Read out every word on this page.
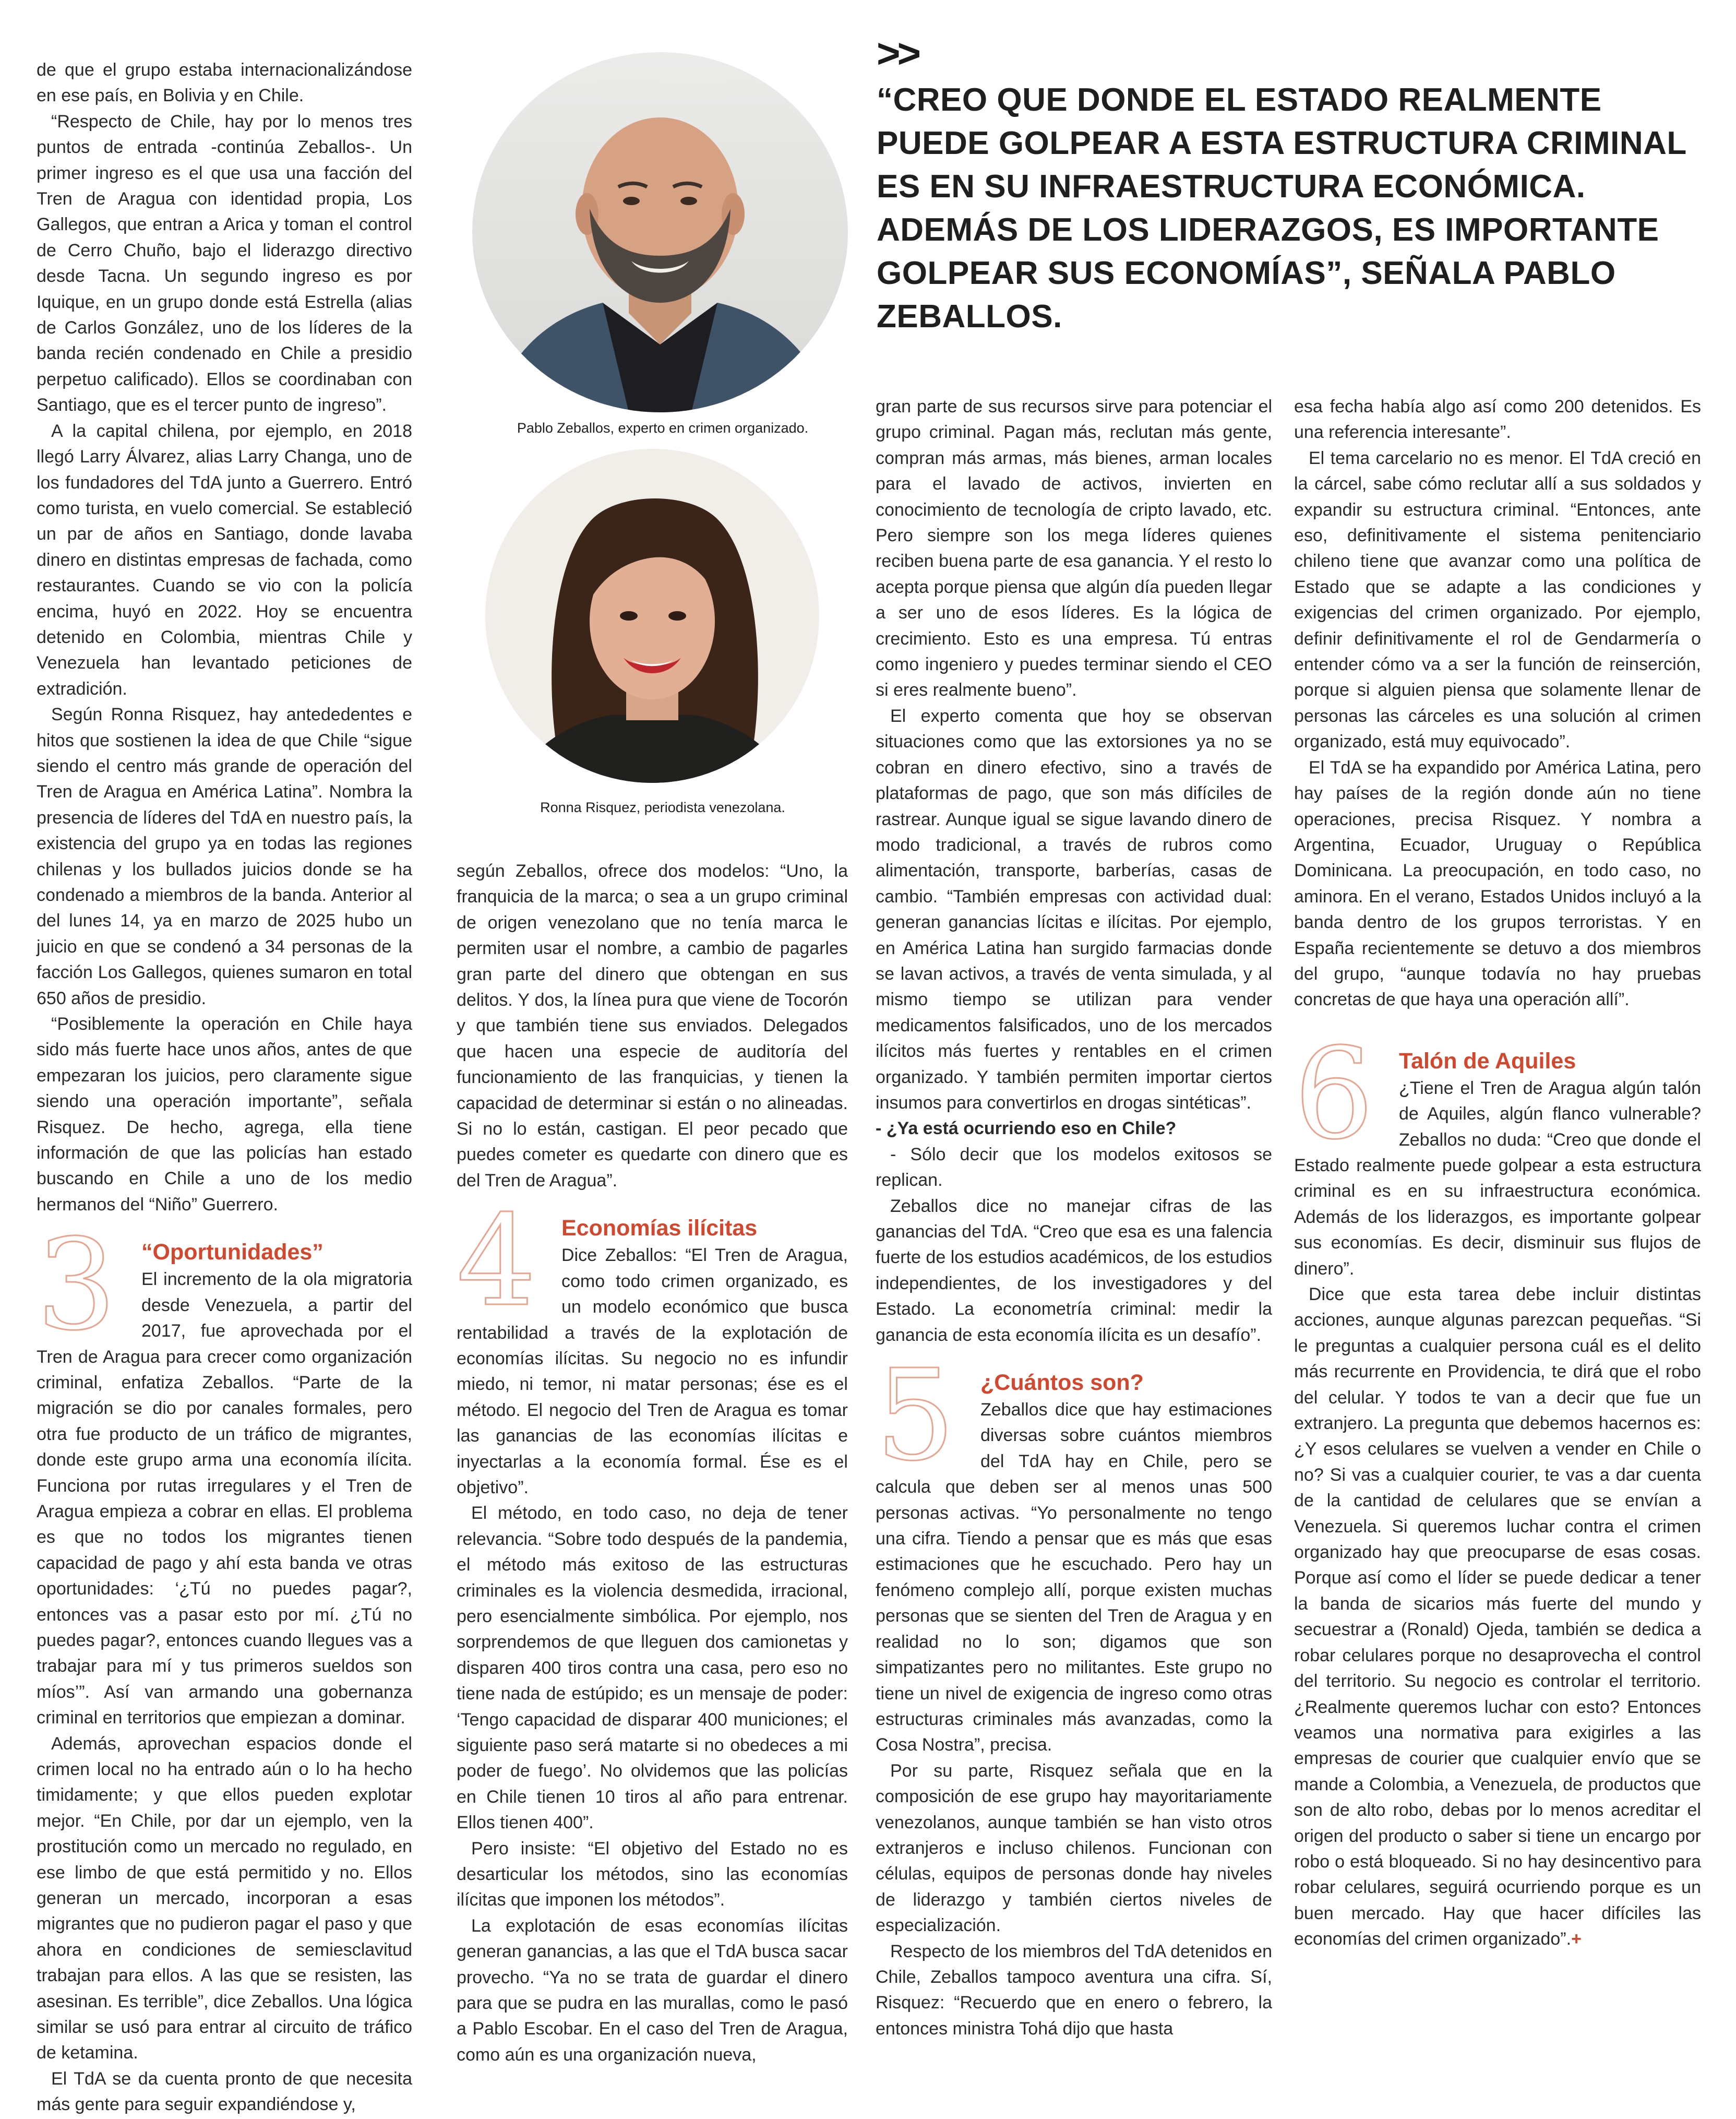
>>
“CREO QUE DONDE EL ESTADO REALMENTE PUEDE GOLPEAR A ESTA ESTRUCTURA CRIMINAL ES EN SU INFRAESTRUCTURA ECONÓMICA. ADEMÁS DE LOS LIDERAZGOS, ES IMPORTANTE GOLPEAR SUS ECONOMÍAS”, SEÑALA PABLO ZEBALLOS.
Pablo Zeballos, experto en crimen organizado.
Ronna Risquez, periodista venezolana.

de que el grupo estaba internacionalizándose en ese país, en Bolivia y en Chile.

“Respecto de Chile, hay por lo menos tres puntos de entrada -continúa Zeballos-. Un primer ingreso es el que usa una facción del Tren de Aragua con identidad propia, Los Gallegos, que entran a Arica y toman el control de Cerro Chuño, bajo el liderazgo directivo desde Tacna. Un segundo ingreso es por Iquique, en un grupo donde está Estrella (alias de Carlos González, uno de los líderes de la banda recién condenado en Chile a presidio perpetuo calificado). Ellos se coordinaban con Santiago, que es el tercer punto de ingreso”.

A la capital chilena, por ejemplo, en 2018 llegó Larry Álvarez, alias Larry Changa, uno de los fundadores del TdA junto a Guerrero. Entró como turista, en vuelo comercial. Se estableció un par de años en Santiago, donde lavaba dinero en distintas empresas de fachada, como restaurantes. Cuando se vio con la policía encima, huyó en 2022. Hoy se encuentra detenido en Colombia, mientras Chile y Venezuela han levantado peticiones de extradición.

Según Ronna Risquez, hay antededentes e hitos que sostienen la idea de que Chile “sigue siendo el centro más grande de operación del Tren de Aragua en América Latina”. Nombra la presencia de líderes del TdA en nuestro país, la existencia del grupo ya en todas las regiones chilenas y los bullados juicios donde se ha condenado a miembros de la banda. Anterior al del lunes 14, ya en marzo de 2025 hubo un juicio en que se condenó a 34 personas de la facción Los Gallegos, quienes sumaron en total 650 años de presidio.

“Posiblemente la operación en Chile haya sido más fuerte hace unos años, antes de que empezaran los juicios, pero claramente sigue siendo una operación importante”, señala Risquez. De hecho, agrega, ella tiene información de que las policías han estado buscando en Chile a uno de los medio hermanos del “Niño” Guerrero.

3	“Oportunidades”

El incremento de la ola migratoria desde Venezuela, a partir del 2017, fue aprovechada por el Tren de Aragua para crecer como organización criminal, enfatiza Zeballos. “Parte de la migración se dio por canales formales, pero otra fue producto de un tráfico de migrantes, donde este grupo arma una economía ilícita. Funciona por rutas irregulares y el Tren de Aragua empieza a cobrar en ellas. El problema es que no todos los migrantes tienen capacidad de pago y ahí esta banda ve otras oportunidades: ‘¿Tú no puedes pagar?, entonces vas a pasar esto por mí. ¿Tú no puedes pagar?, entonces cuando llegues vas a trabajar para mí y tus primeros sueldos son míos’”. Así van armando una gobernanza criminal en territorios que empiezan a dominar.

Además, aprovechan espacios donde el crimen local no ha entrado aún o lo ha hecho timidamente; y que ellos pueden explotar mejor. “En Chile, por dar un ejemplo, ven la prostitución como un mercado no regulado, en ese limbo de que está permitido y no. Ellos generan un mercado, incorporan a esas migrantes que no pudieron pagar el paso y que ahora en condiciones de semiesclavitud trabajan para ellos. A las que se resisten, las asesinan. Es terrible”, dice Zeballos. Una lógica similar se usó para entrar al circuito de tráfico de ketamina.

El TdA se da cuenta pronto de que necesita más gente para seguir expandiéndose y,

según Zeballos, ofrece dos modelos: “Uno, la franquicia de la marca; o sea a un grupo criminal de origen venezolano que no tenía marca le permiten usar el nombre, a cambio de pagarles gran parte del dinero que obtengan en sus delitos. Y dos, la línea pura que viene de Tocorón y que también tiene sus enviados. Delegados que hacen una especie de auditoría del funcionamiento de las franquicias, y tienen la capacidad de determinar si están o no alineadas. Si no lo están, castigan. El peor pecado que puedes cometer es quedarte con dinero que es del Tren de Aragua”.

4	Economías ilícitas

Dice Zeballos: “El Tren de Aragua, como todo crimen organizado, es un modelo económico que busca rentabilidad a través de la explotación de economías ilícitas. Su negocio no es infundir miedo, ni temor, ni matar personas; ése es el método. El negocio del Tren de Aragua es tomar las ganancias de las economías ilícitas e inyectarlas a la economía formal. Ése es el objetivo”.

El método, en todo caso, no deja de tener relevancia. “Sobre todo después de la pandemia, el método más exitoso de las estructuras criminales es la violencia desmedida, irracional, pero esencialmente simbólica. Por ejemplo, nos sorprendemos de que lleguen dos camionetas y disparen 400 tiros contra una casa, pero eso no tiene nada de estúpido; es un mensaje de poder: ‘Tengo capacidad de disparar 400 municiones; el siguiente paso será matarte si no obedeces a mi poder de fuego’. No olvidemos que las policías en Chile tienen 10 tiros al año para entrenar. Ellos tienen 400”.

Pero insiste: “El objetivo del Estado no es desarticular los métodos, sino las economías ilícitas que imponen los métodos”.

La explotación de esas economías ilícitas generan ganancias, a las que el TdA busca sacar provecho. “Ya no se trata de guardar el dinero para que se pudra en las murallas, como le pasó a Pablo Escobar. En el caso del Tren de Aragua, como aún es una organización nueva,

gran parte de sus recursos sirve para potenciar el grupo criminal. Pagan más, reclutan más gente, compran más armas, más bienes, arman locales para el lavado de activos, invierten en conocimiento de tecnología de cripto lavado, etc. Pero siempre son los mega líderes quienes reciben buena parte de esa ganancia. Y el resto lo acepta porque piensa que algún día pueden llegar a ser uno de esos líderes. Es la lógica de crecimiento. Esto es una empresa. Tú entras como ingeniero y puedes terminar siendo el CEO si eres realmente bueno”.

El experto comenta que hoy se observan situaciones como que las extorsiones ya no se cobran en dinero efectivo, sino a través de plataformas de pago, que son más difíciles de rastrear. Aunque igual se sigue lavando dinero de modo tradicional, a través de rubros como alimentación, transporte, barberías, casas de cambio. “También empresas con actividad dual: generan ganancias lícitas e ilícitas. Por ejemplo, en América Latina han surgido farmacias donde se lavan activos, a través de venta simulada, y al mismo tiempo se utilizan para vender medicamentos falsificados, uno de los mercados ilícitos más fuertes y rentables en el crimen organizado. Y también permiten importar ciertos insumos para convertirlos en drogas sintéticas”.

- ¿Ya está ocurriendo eso en Chile?

- Sólo decir que los modelos exitosos se replican.

Zeballos dice no manejar cifras de las ganancias del TdA. “Creo que esa es una falencia fuerte de los estudios académicos, de los estudios independientes, de los investigadores y del Estado. La econometría criminal: medir la ganancia de esta economía ilícita es un desafío”.

5	¿Cuántos son?

Zeballos dice que hay estimaciones diversas sobre cuántos miembros del TdA hay en Chile, pero se calcula que deben ser al menos unas 500 personas activas. “Yo personalmente no tengo una cifra. Tiendo a pensar que es más que esas estimaciones que he escuchado. Pero hay un fenómeno complejo allí, porque existen muchas personas que se sienten del Tren de Aragua y en realidad no lo son; digamos que son simpatizantes pero no militantes. Este grupo no tiene un nivel de exigencia de ingreso como otras estructuras criminales más avanzadas, como la Cosa Nostra”, precisa.

Por su parte, Risquez señala que en la composición de ese grupo hay mayoritariamente venezolanos, aunque también se han visto otros extranjeros e incluso chilenos. Funcionan con células, equipos de personas donde hay niveles de liderazgo y también ciertos niveles de especialización.

Respecto de los miembros del TdA detenidos en Chile, Zeballos tampoco aventura una cifra. Sí, Risquez: “Recuerdo que en enero o febrero, la entonces ministra Tohá dijo que hasta

esa fecha había algo así como 200 detenidos. Es una referencia interesante”.

El tema carcelario no es menor. El TdA creció en la cárcel, sabe cómo reclutar allí a sus soldados y expandir su estructura criminal. “Entonces, ante eso, definitivamente el sistema penitenciario chileno tiene que avanzar como una política de Estado que se adapte a las condiciones y exigencias del crimen organizado. Por ejemplo, definir definitivamente el rol de Gendarmería o entender cómo va a ser la función de reinserción, porque si alguien piensa que solamente llenar de personas las cárceles es una solución al crimen organizado, está muy equivocado”.

El TdA se ha expandido por América Latina, pero hay países de la región donde aún no tiene operaciones, precisa Risquez. Y nombra a Argentina, Ecuador, Uruguay o República Dominicana. La preocupación, en todo caso, no aminora. En el verano, Estados Unidos incluyó a la banda dentro de los grupos terroristas. Y en España recientemente se detuvo a dos miembros del grupo, “aunque todavía no hay pruebas concretas de que haya una operación allí”.

6	Talón de Aquiles

¿Tiene el Tren de Aragua algún talón de Aquiles, algún flanco vulnerable? Zeballos no duda: “Creo que donde el Estado realmente puede golpear a esta estructura criminal es en su infraestructura económica. Además de los liderazgos, es importante golpear sus economías. Es decir, disminuir sus flujos de dinero”.

Dice que esta tarea debe incluir distintas acciones, aunque algunas parezcan pequeñas. “Si le preguntas a cualquier persona cuál es el delito más recurrente en Providencia, te dirá que el robo del celular. Y todos te van a decir que fue un extranjero. La pregunta que debemos hacernos es: ¿Y esos celulares se vuelven a vender en Chile o no? Si vas a cualquier courier, te vas a dar cuenta de la cantidad de celulares que se envían a Venezuela. Si queremos luchar contra el crimen organizado hay que preocuparse de esas cosas. Porque así como el líder se puede dedicar a tener la banda de sicarios más fuerte del mundo y secuestrar a (Ronald) Ojeda, también se dedica a robar celulares porque no desaprovecha el control del territorio. Su negocio es controlar el territorio. ¿Realmente queremos luchar con esto? Entonces veamos una normativa para exigirles a las empresas de courier que cualquier envío que se mande a Colombia, a Venezuela, de productos que son de alto robo, debas por lo menos acreditar el origen del producto o saber si tiene un encargo por robo o está bloqueado. Si no hay desincentivo para robar celulares, seguirá ocurriendo porque es un buen mercado. Hay que hacer difíciles las economías del crimen organizado”.+
